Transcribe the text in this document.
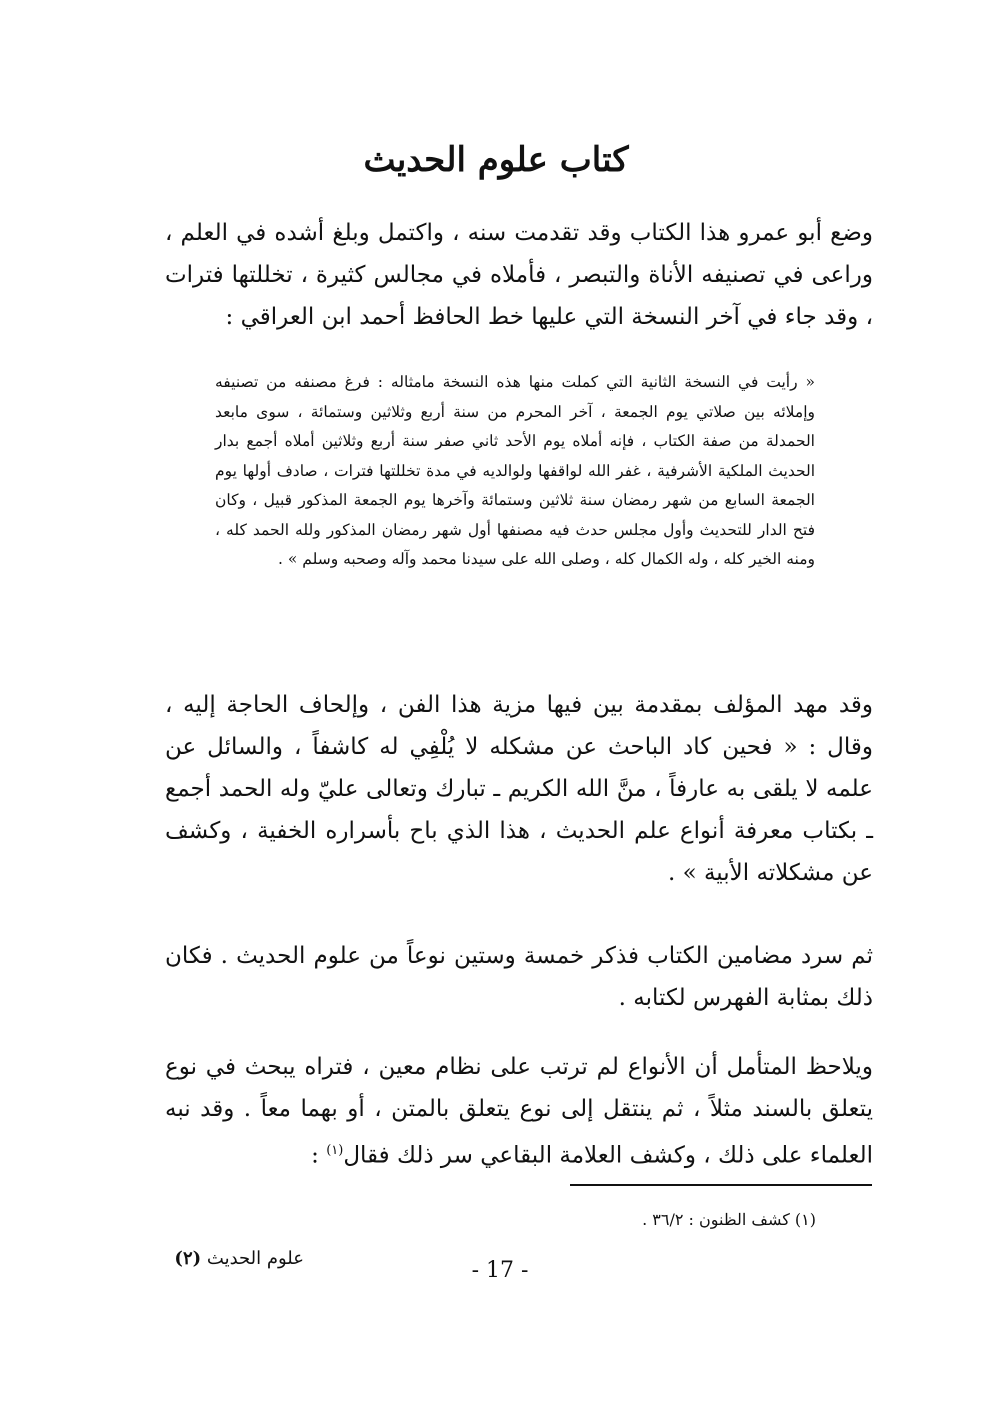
كتاب علوم الحديث
وضع أبو عمرو هذا الكتاب وقد تقدمت سنه ، واكتمل وبلغ أشده في العلم ، وراعى في تصنيفه الأناة والتبصر ، فأملاه في مجالس كثيرة ، تخللتها فترات ، وقد جاء في آخر النسخة التي عليها خط الحافظ أحمد ابن العراقي :

« رأيت في النسخة الثانية التي كملت منها هذه النسخة مامثاله : فرغ مصنفه من تصنيفه وإملائه بين صلاتي يوم الجمعة ، آخر المحرم من سنة أربع وثلاثين وستمائة ، سوى مابعد الحمدلة من صفة الكتاب ، فإنه أملاه يوم الأحد ثاني صفر سنة أربع وثلاثين أملاه أجمع بدار الحديث الملكية الأشرفية ، غفر الله لواقفها ولوالديه في مدة تخللتها فترات ، صادف أولها يوم الجمعة السابع من شهر رمضان سنة ثلاثين وستمائة وآخرها يوم الجمعة المذكور قبيل ، وكان فتح الدار للتحديث وأول مجلس حدث فيه مصنفها أول شهر رمضان المذكور ولله الحمد كله ، ومنه الخير كله ، وله الكمال كله ، وصلى الله على سيدنا محمد وآله وصحبه وسلم » .

وقد مهد المؤلف بمقدمة بين فيها مزية هذا الفن ، وإلحاف الحاجة إليه ، وقال : « فحين كاد الباحث عن مشكله لا يُلْفِي له كاشفاً ، والسائل عن علمه لا يلقى به عارفاً ، منَّ الله الكريم ـ تبارك وتعالى عليّ وله الحمد أجمع ـ بكتاب معرفة أنواع علم الحديث ، هذا الذي باح بأسراره الخفية ، وكشف عن مشكلاته الأبية » .
ثم سرد مضامين الكتاب فذكر خمسة وستين نوعاً من علوم الحديث . فكان ذلك بمثابة الفهرس لكتابه .
ويلاحظ المتأمل أن الأنواع لم ترتب على نظام معين ، فتراه يبحث في نوع يتعلق بالسند مثلاً ، ثم ينتقل إلى نوع يتعلق بالمتن ، أو بهما معاً . وقد نبه العلماء على ذلك ، وكشف العلامة البقاعي سر ذلك فقال$^{(١)}$ :
(١) كشف الظنون : ٣٦/٢ .
علوم الحديث (٢)	- 17 -
